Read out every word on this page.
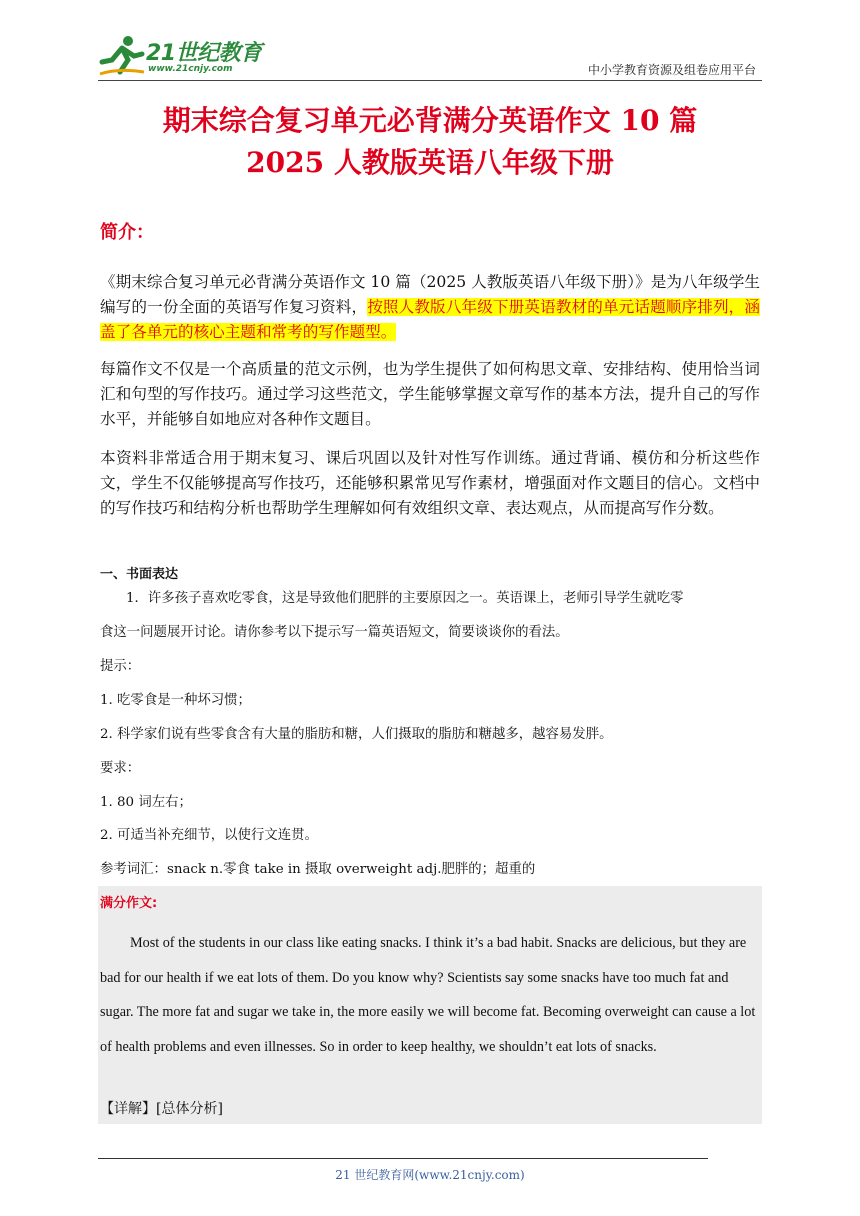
21世纪教育
www.21cnjy.com	中小学教育资源及组卷应用平台
期末综合复习单元必背满分英语作文 10 篇
2025 人教版英语八年级下册
简介：
《期末综合复习单元必背满分英语作文 10 篇（2025 人教版英语八年级下册）》是为八年级学生编写的一份全面的英语写作复习资料，按照人教版八年级下册英语教材的单元话题顺序排列，涵盖了各单元的核心主题和常考的写作题型。
每篇作文不仅是一个高质量的范文示例，也为学生提供了如何构思文章、安排结构、使用恰当词汇和句型的写作技巧。通过学习这些范文，学生能够掌握文章写作的基本方法，提升自己的写作水平，并能够自如地应对各种作文题目。
本资料非常适合用于期末复习、课后巩固以及针对性写作训练。通过背诵、模仿和分析这些作文，学生不仅能够提高写作技巧，还能够积累常见写作素材，增强面对作文题目的信心。文档中的写作技巧和结构分析也帮助学生理解如何有效组织文章、表达观点，从而提高写作分数。
一、书面表达
1．许多孩子喜欢吃零食，这是导致他们肥胖的主要原因之一。英语课上，老师引导学生就吃零
食这一问题展开讨论。请你参考以下提示写一篇英语短文，简要谈谈你的看法。
提示：
1. 吃零食是一种坏习惯；
2. 科学家们说有些零食含有大量的脂肪和糖，人们摄取的脂肪和糖越多，越容易发胖。
要求：
1. 80 词左右；
2. 可适当补充细节，以使行文连贯。
参考词汇：snack n.零食 take in 摄取 overweight adj.肥胖的；超重的
满分作文:
Most of the students in our class like eating snacks. I think it’s a bad habit. Snacks are delicious, but they are bad for our health if we eat lots of them. Do you know why? Scientists say some snacks have too much fat and sugar. The more fat and sugar we take in, the more easily we will become fat. Becoming overweight can cause a lot of health problems and even illnesses. So in order to keep healthy, we shouldn’t eat lots of snacks.
【详解】[总体分析]
21 世纪教育网(www.21cnjy.com)
